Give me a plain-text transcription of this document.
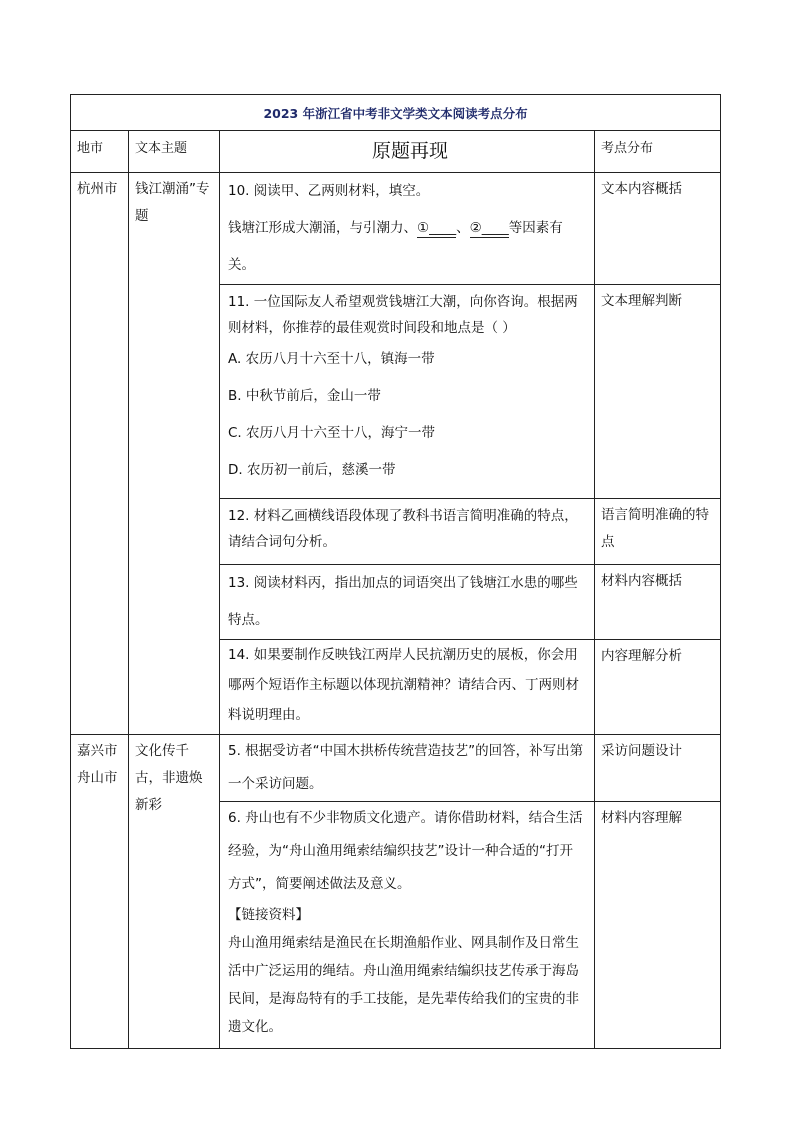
2023 年浙江省中考非文学类文本阅读考点分布			
地市	文本主题	原题再现	考点分布
杭州市	钱江潮涌”专题	10. 阅读甲、乙两则材料，填空。

钱塘江形成大潮涌，与引潮力、①____、②____等因素有关。	文本内容概括

		11. 一位国际友人希望观赏钱塘江大潮，向你咨询。根据两则材料，你推荐的最佳观赏时间段和地点是（ ）

A. 农历八月十六至十八，镇海一带

B. 中秋节前后，金山一带

C. 农历八月十六至十八，海宁一带

D. 农历初一前后，慈溪一带	文本理解判断

		12. 材料乙画横线语段体现了教科书语言简明准确的特点，请结合词句分析。	语言简明准确的特点

		13. 阅读材料丙，指出加点的词语突出了钱塘江水患的哪些特点。	材料内容概括

		14. 如果要制作反映钱江两岸人民抗潮历史的展板，你会用哪两个短语作主标题以体现抗潮精神？请结合丙、丁两则材料说明理由。	内容理解分析
嘉兴市舟山市	文化传千古，非遗焕新彩	5. 根据受访者“中国木拱桥传统营造技艺”的回答，补写出第一个采访问题。	采访问题设计

		6. 舟山也有不少非物质文化遗产。请你借助材料，结合生活经验，为“舟山渔用绳索结编织技艺”设计一种合适的“打开方式”，简要阐述做法及意义。

【链接资料】

舟山渔用绳索结是渔民在长期渔船作业、网具制作及日常生活中广泛运用的绳结。舟山渔用绳索结编织技艺传承于海岛民间，是海岛特有的手工技能，是先辈传给我们的宝贵的非遗文化。	材料内容理解
